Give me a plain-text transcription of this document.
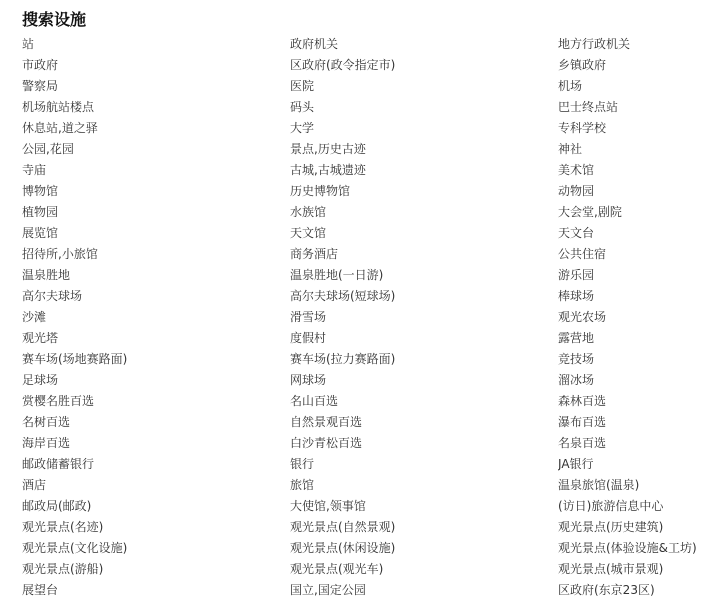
搜索设施
站	政府机关	地方行政机关
市政府	区政府(政令指定市)	乡镇政府
警察局	医院	机场
机场航站楼点	码头	巴士终点站
休息站,道之驿	大学	专科学校
公园,花园	景点,历史古迹	神社
寺庙	古城,古城遗迹	美术馆
博物馆	历史博物馆	动物园
植物园	水族馆	大会堂,剧院
展览馆	天文馆	天文台
招待所,小旅馆	商务酒店	公共住宿
温泉胜地	温泉胜地(一日游)	游乐园
高尔夫球场	高尔夫球场(短球场)	棒球场
沙滩	滑雪场	观光农场
观光塔	度假村	露营地
赛车场(场地赛路面)	赛车场(拉力赛路面)	竞技场
足球场	网球场	溜冰场
赏樱名胜百选	名山百选	森林百选
名树百选	自然景观百选	瀑布百选
海岸百选	白沙青松百选	名泉百选
邮政储蓄银行	银行	JA银行
酒店	旅馆	温泉旅馆(温泉)
邮政局(邮政)	大使馆,领事馆	(访日)旅游信息中心
观光景点(名迹)	观光景点(自然景观)	观光景点(历史建筑)
观光景点(文化设施)	观光景点(休闲设施)	观光景点(体验设施&工坊)
观光景点(游船)	观光景点(观光车)	观光景点(城市景观)
展望台	国立,国定公园	区政府(东京23区)
